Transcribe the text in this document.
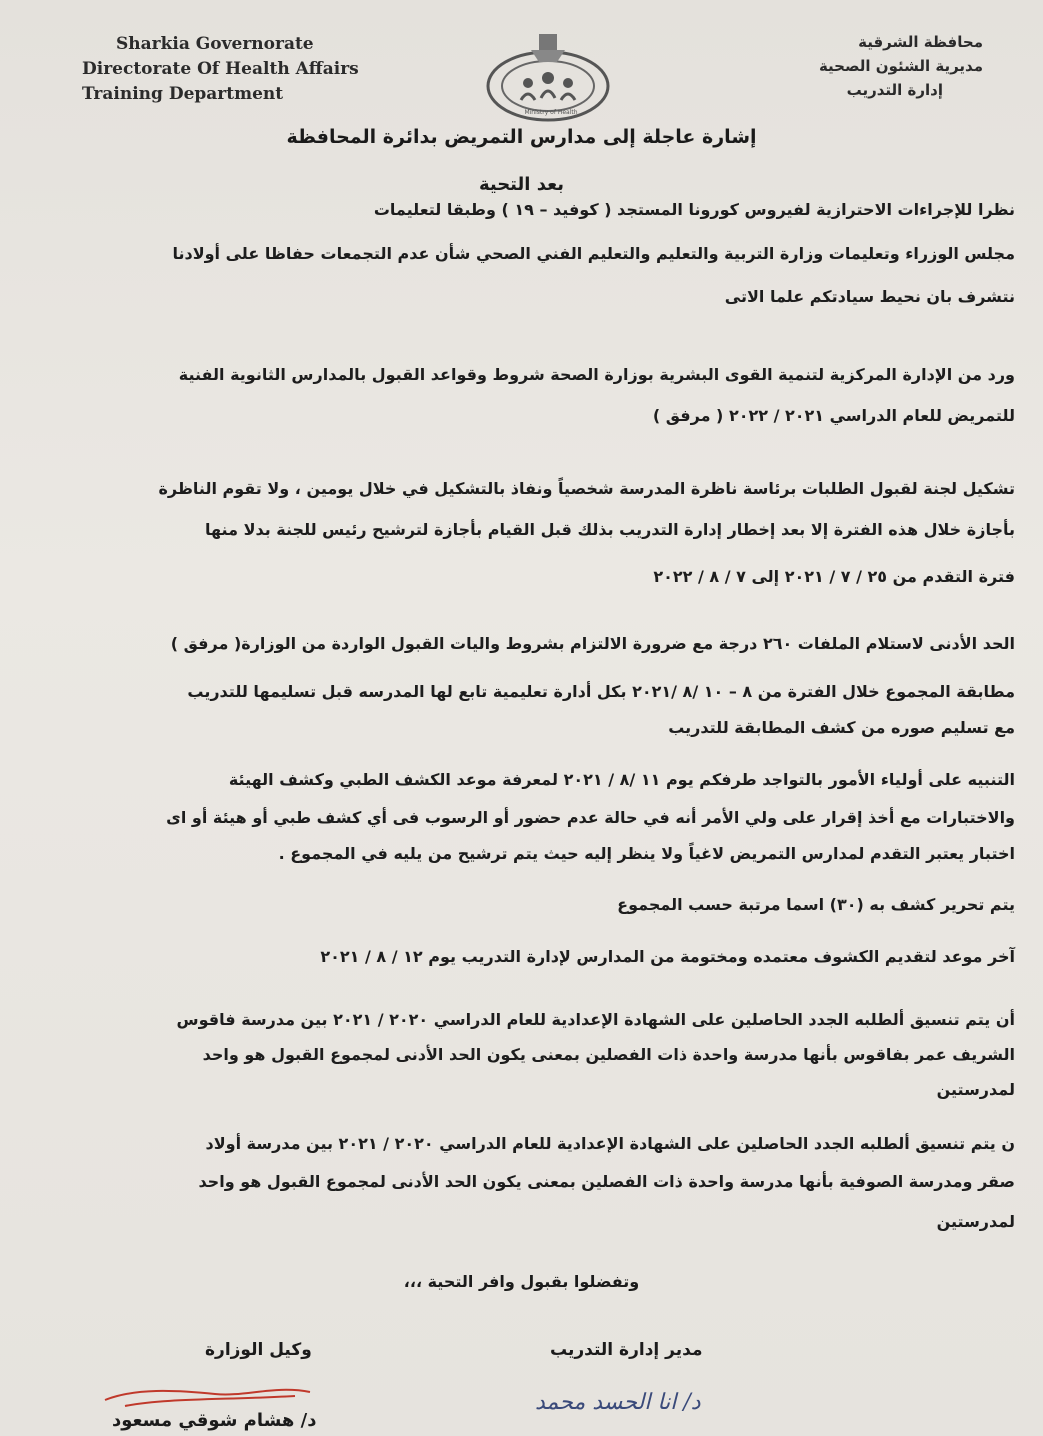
Sharkia Governorate
Directorate Of Health Affairs
Training Department
Ministry of Health
محافظة الشرقية
مديرية الشئون الصحية
إدارة التدريب
إشارة عاجلة إلى مدارس التمريض بدائرة المحافظة
بعد التحية
نظرا للإجراءات الاحترازية لفيروس كورونا المستجد ( كوفيد – ١٩ ) وطبقا لتعليمات
مجلس الوزراء وتعليمات وزارة التربية والتعليم والتعليم الفني الصحي شأن عدم التجمعات حفاظا على أولادنا
نتشرف بان نحيط سيادتكم علما الاتى
ورد من الإدارة المركزية لتنمية القوى البشرية بوزارة الصحة شروط وقواعد القبول بالمدارس الثانوية الفنية
للتمريض للعام الدراسي ٢٠٢١ / ٢٠٢٢ ( مرفق )
تشكيل لجنة لقبول الطلبات برئاسة ناظرة المدرسة شخصياً ونفاذ بالتشكيل في خلال يومين ، ولا تقوم الناظرة
بأجازة خلال هذه الفترة إلا بعد إخطار إدارة التدريب بذلك قبل القيام بأجازة لترشيح رئيس للجنة بدلا منها
فترة التقدم من ٢٥ / ٧ / ٢٠٢١ إلى ٧ / ٨ / ٢٠٢٢
الحد الأدنى لاستلام الملفات ٢٦٠ درجة مع ضرورة الالتزام بشروط واليات القبول الواردة من الوزارة( مرفق )
مطابقة المجموع خلال الفترة من ٨ – ١٠ /٨ /٢٠٢١ بكل أدارة تعليمية تابع لها المدرسه قبل تسليمها للتدريب
مع تسليم صوره من كشف المطابقة للتدريب
التنبيه على أولياء الأمور بالتواجد طرفكم يوم ١١ /٨ / ٢٠٢١ لمعرفة موعد الكشف الطبي وكشف الهيئة
والاختبارات مع أخذ إقرار على ولي الأمر أنه في حالة عدم حضور أو الرسوب فى أي كشف طبي أو هيئة أو اى
اختبار يعتبر التقدم لمدارس التمريض لاغياً ولا ينظر إليه حيث يتم ترشيح من يليه في المجموع .
يتم تحرير كشف به (٣٠) اسما مرتبة حسب المجموع
آخر موعد لتقديم الكشوف معتمده ومختومة من المدارس لإدارة التدريب يوم ١٢ / ٨ / ٢٠٢١
أن يتم تنسيق ألطلبه الجدد الحاصلين على الشهادة الإعدادية للعام الدراسي ٢٠٢٠ / ٢٠٢١ بين مدرسة فاقوس
الشريف عمر بفاقوس بأنها مدرسة واحدة ذات الفصلين بمعنى يكون الحد الأدنى لمجموع القبول هو واحد
لمدرستين
ن يتم تنسيق ألطلبه الجدد الحاصلين على الشهادة الإعدادية للعام الدراسي ٢٠٢٠ / ٢٠٢١ بين مدرسة أولاد
صقر ومدرسة الصوفية بأنها مدرسة واحدة ذات الفصلين بمعنى يكون الحد الأدنى لمجموع القبول هو واحد
لمدرستين
وتفضلوا بقبول وافر التحية ،،،
مدير إدارة التدريب
وكيل الوزارة
د/ انا الحسد محمد
د/ هشام شوقي مسعود
